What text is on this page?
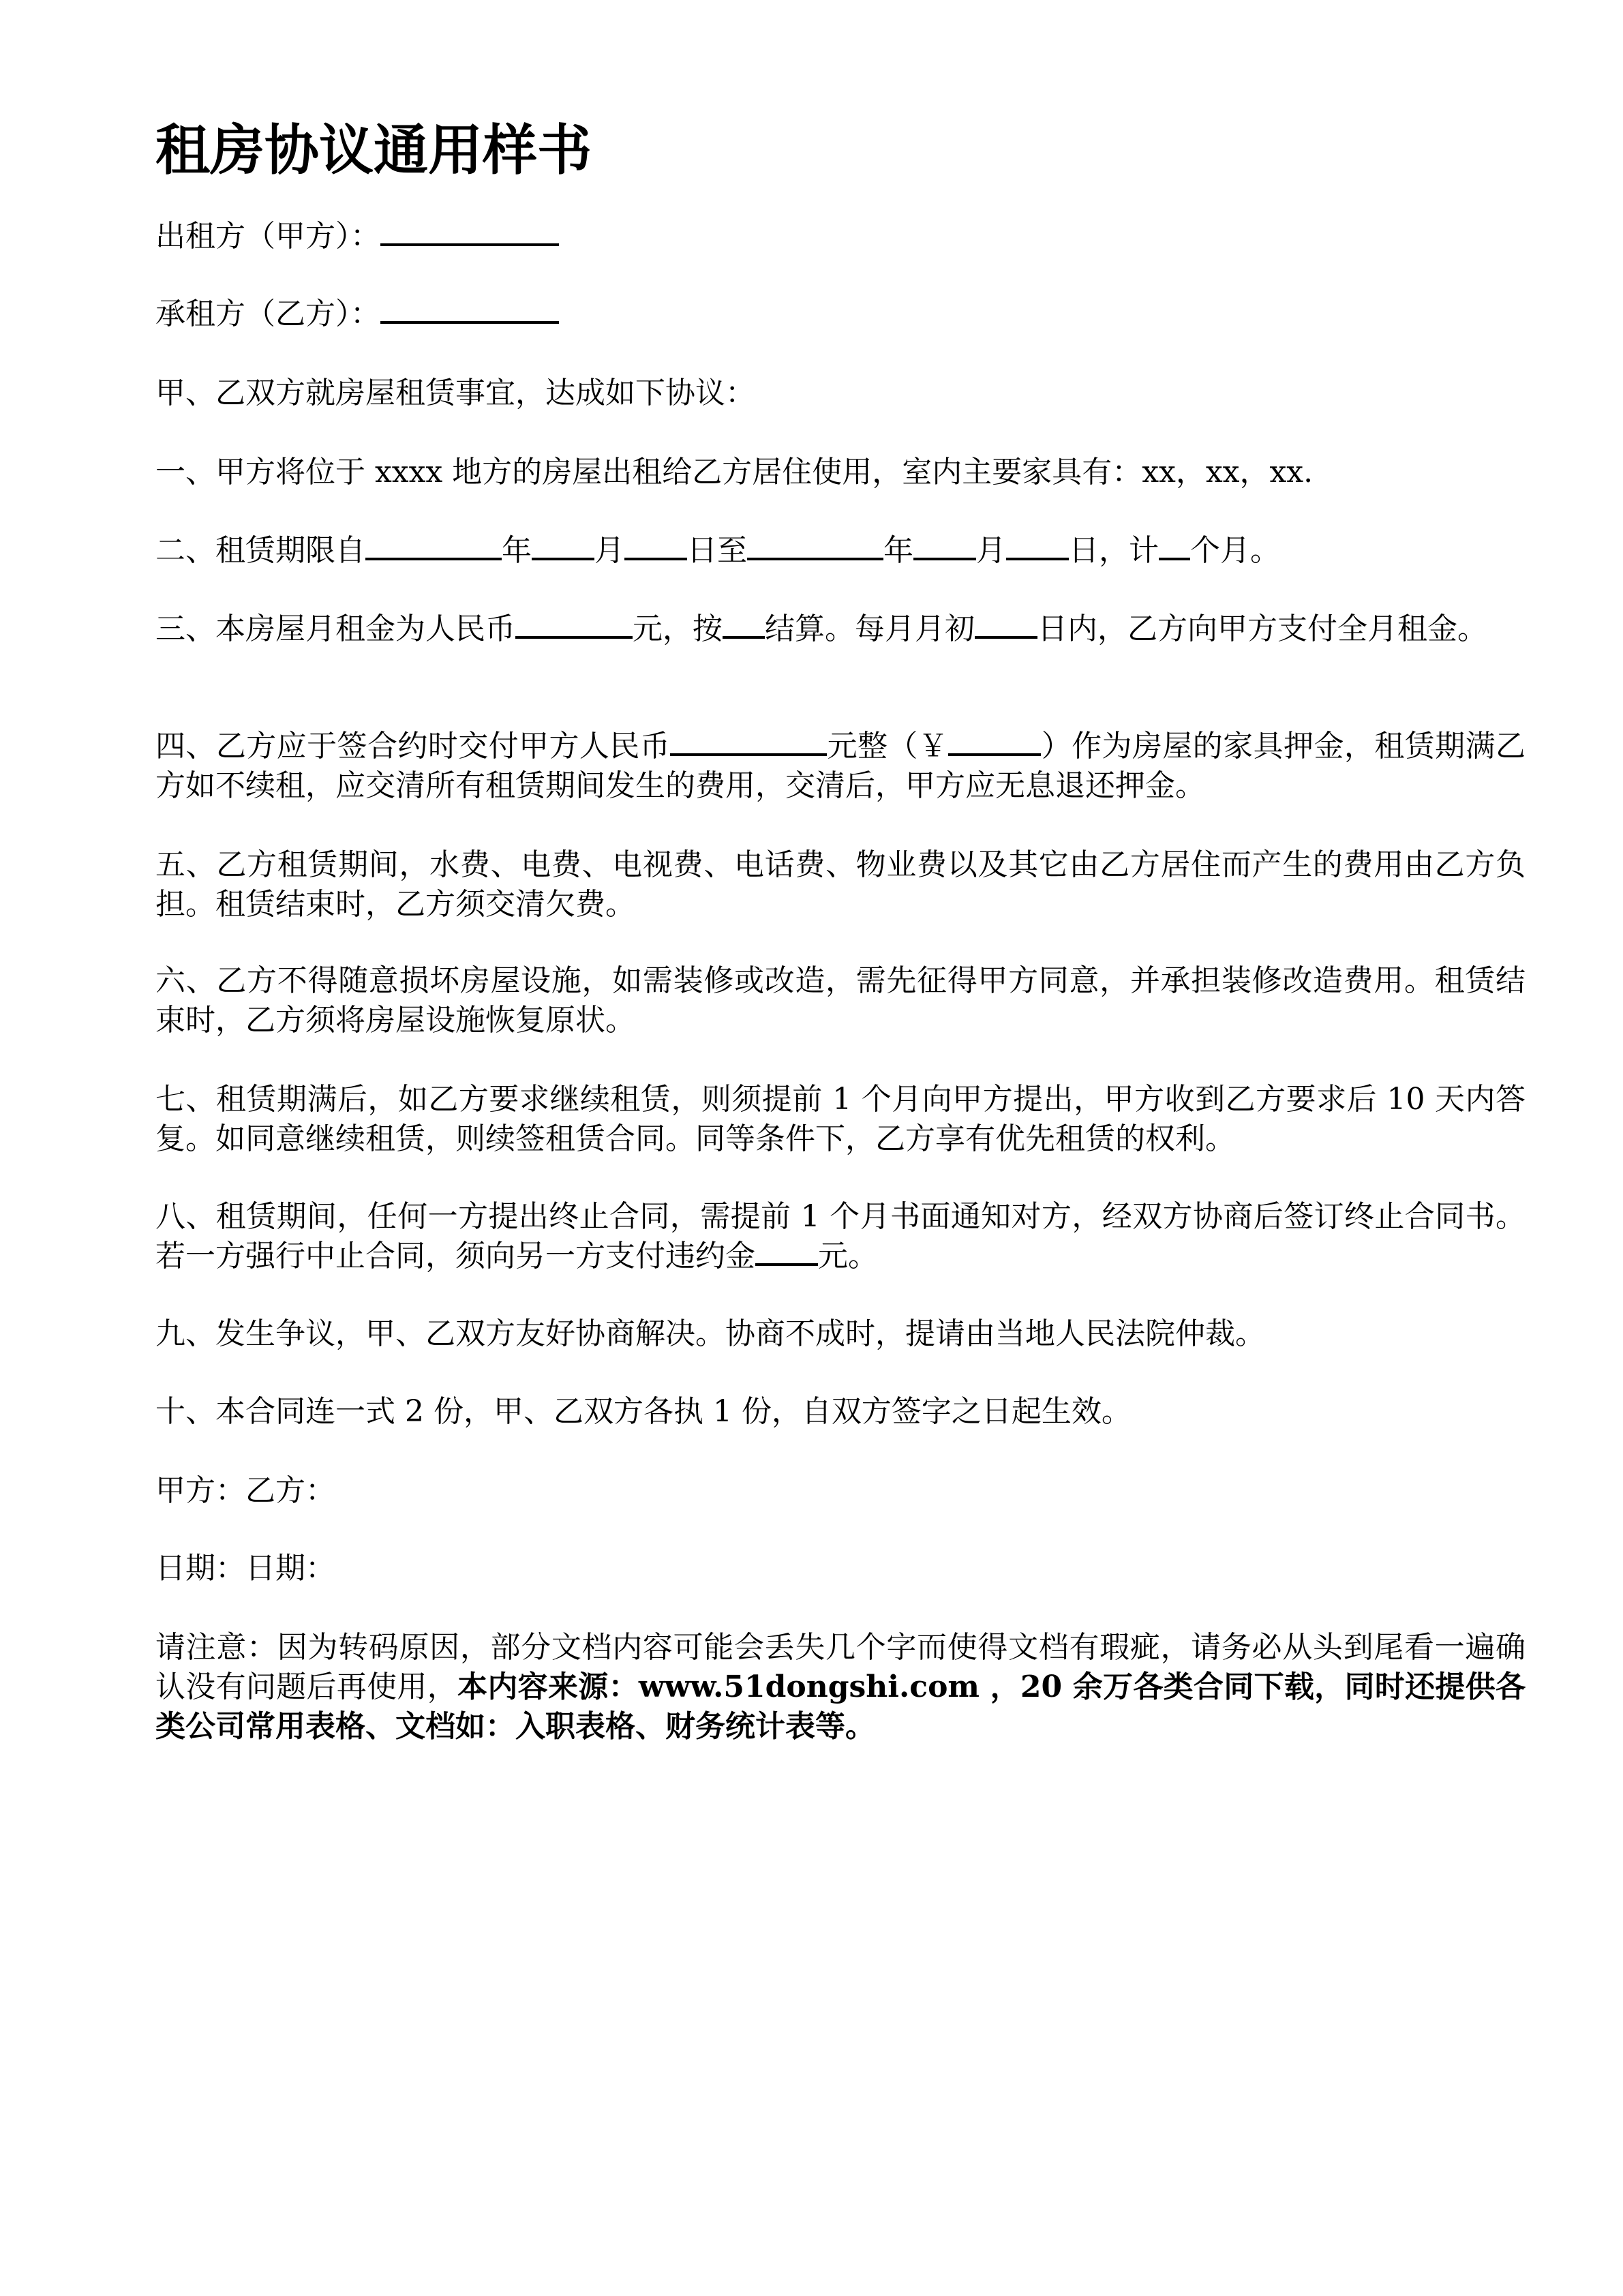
租房协议通用样书

出租方（甲方）：

承租方（乙方）：

甲、乙双方就房屋租赁事宜，达成如下协议：

一、甲方将位于 xxxx 地方的房屋出租给乙方居住使用，室内主要家具有：xx，xx，xx.

二、租赁期限自	年 月 日至	年 月 日，计 个月。

三、本房屋月租金为人民币	元，按 结算。每月月初 日内，乙方向甲方支付全月租金。

四、乙方应于签合约时交付甲方人民币	元整（￥	）作为房屋的家具押金，租赁期满乙方如不续租，应交清所有租赁期间发生的费用，交清后，甲方应无息退还押金。

五、乙方租赁期间，水费、电费、电视费、电话费、物业费以及其它由乙方居住而产生的费用由乙方负担。租赁结束时，乙方须交清欠费。

六、乙方不得随意损坏房屋设施，如需装修或改造，需先征得甲方同意，并承担装修改造费用。租赁结束时，乙方须将房屋设施恢复原状。

七、租赁期满后，如乙方要求继续租赁，则须提前 1 个月向甲方提出，甲方收到乙方要求后 10 天内答复。如同意继续租赁，则续签租赁合同。同等条件下，乙方享有优先租赁的权利。

八、租赁期间，任何一方提出终止合同，需提前 1 个月书面通知对方，经双方协商后签订终止合同书。若一方强行中止合同，须向另一方支付违约金 元。

九、发生争议，甲、乙双方友好协商解决。协商不成时，提请由当地人民法院仲裁。

十、本合同连一式 2 份，甲、乙双方各执 1 份，自双方签字之日起生效。

甲方：乙方：

日期：日期：

请注意：因为转码原因，部分文档内容可能会丢失几个字而使得文档有瑕疵，请务必从头到尾看一遍确认没有问题后再使用，本内容来源：www.51dongshi.com ，20 余万各类合同下载，同时还提供各类公司常用表格、文档如：入职表格、财务统计表等。
